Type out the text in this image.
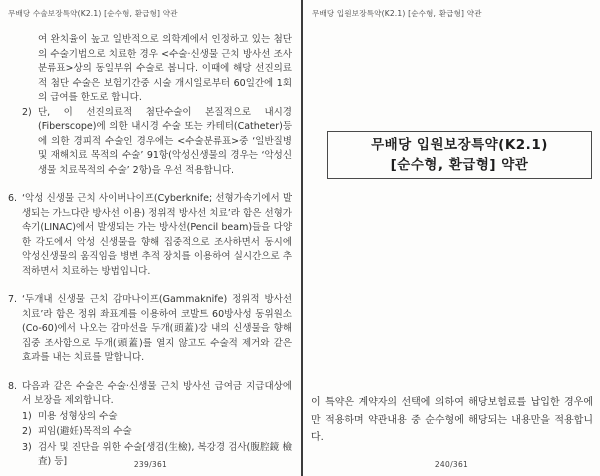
무배당 수술보장특약(K2.1) [순수형, 환급형] 약관
여 완치율이 높고 일반적으로 의학계에서 인정하고 있는 첨단의 수술기법으로 치료한 경우 <수술·신생물 근치 방사선 조사분류표>상의 동일부위 수술로 봅니다. 이때에 해당 선진의료적 첨단 수술은 보험기간중 시술 개시일로부터 60일간에 1회의 급여를 한도로 합니다.
2) 단, 이 선진의료적 첨단수술이 본질적으로 내시경(Fiberscope)에 의한 내시경 수술 또는 카테터(Catheter)등에 의한 경피적 수술인 경우에는 <수술분류표>중 ‘일반질병 및 재해치료 목적의 수술’ 91항(악성신생물의 경우는 ‘악성신생물 치료목적의 수술’ 2항)을 우선 적용합니다.
6. ‘악성 신생물 근치 사이버나이프(Cyberknife; 선형가속기에서 발생되는 가느다란 방사선 이용) 정위적 방사선 치료’라 함은 선형가속기(LINAC)에서 발생되는 가는 방사선(Pencil beam)들을 다양한 각도에서 악성 신생물을 향해 집중적으로 조사하면서 동시에 악성신생물의 움직임을 병변 추적 장치를 이용하여 실시간으로 추적하면서 치료하는 방법입니다.
7. ‘두개내 신생물 근치 감마나이프(Gammaknife) 정위적 방사선 치료’라 함은 정위 좌표계를 이용하여 코발트 60방사성 동위원소(Co-60)에서 나오는 감마선을 두개(頭蓋)강 내의 신생물을 향해 집중 조사함으로 두개(頭蓋)를 열지 않고도 수술적 제거와 같은 효과를 내는 치료를 말합니다.
8. 다음과 같은 수술은 수술·신생물 근치 방사선 급여금 지급대상에서 보장을 제외합니다.
1) 미용 성형상의 수술
2) 피임(避妊)목적의 수술
3) 검사 및 진단을 위한 수술[생검(生檢), 복강경 검사(腹腔鏡 檢査) 등]	239/361
무배당 입원보장특약(K2.1) [순수형, 환급형] 약관
무배당 입원보장특약(K2.1)
[순수형, 환급형] 약관
이 특약은 계약자의 선택에 의하여 해당보험료를 납입한 경우에만 적용하며 약관내용 중 순수형에 해당되는 내용만을 적용합니다.
240/361
